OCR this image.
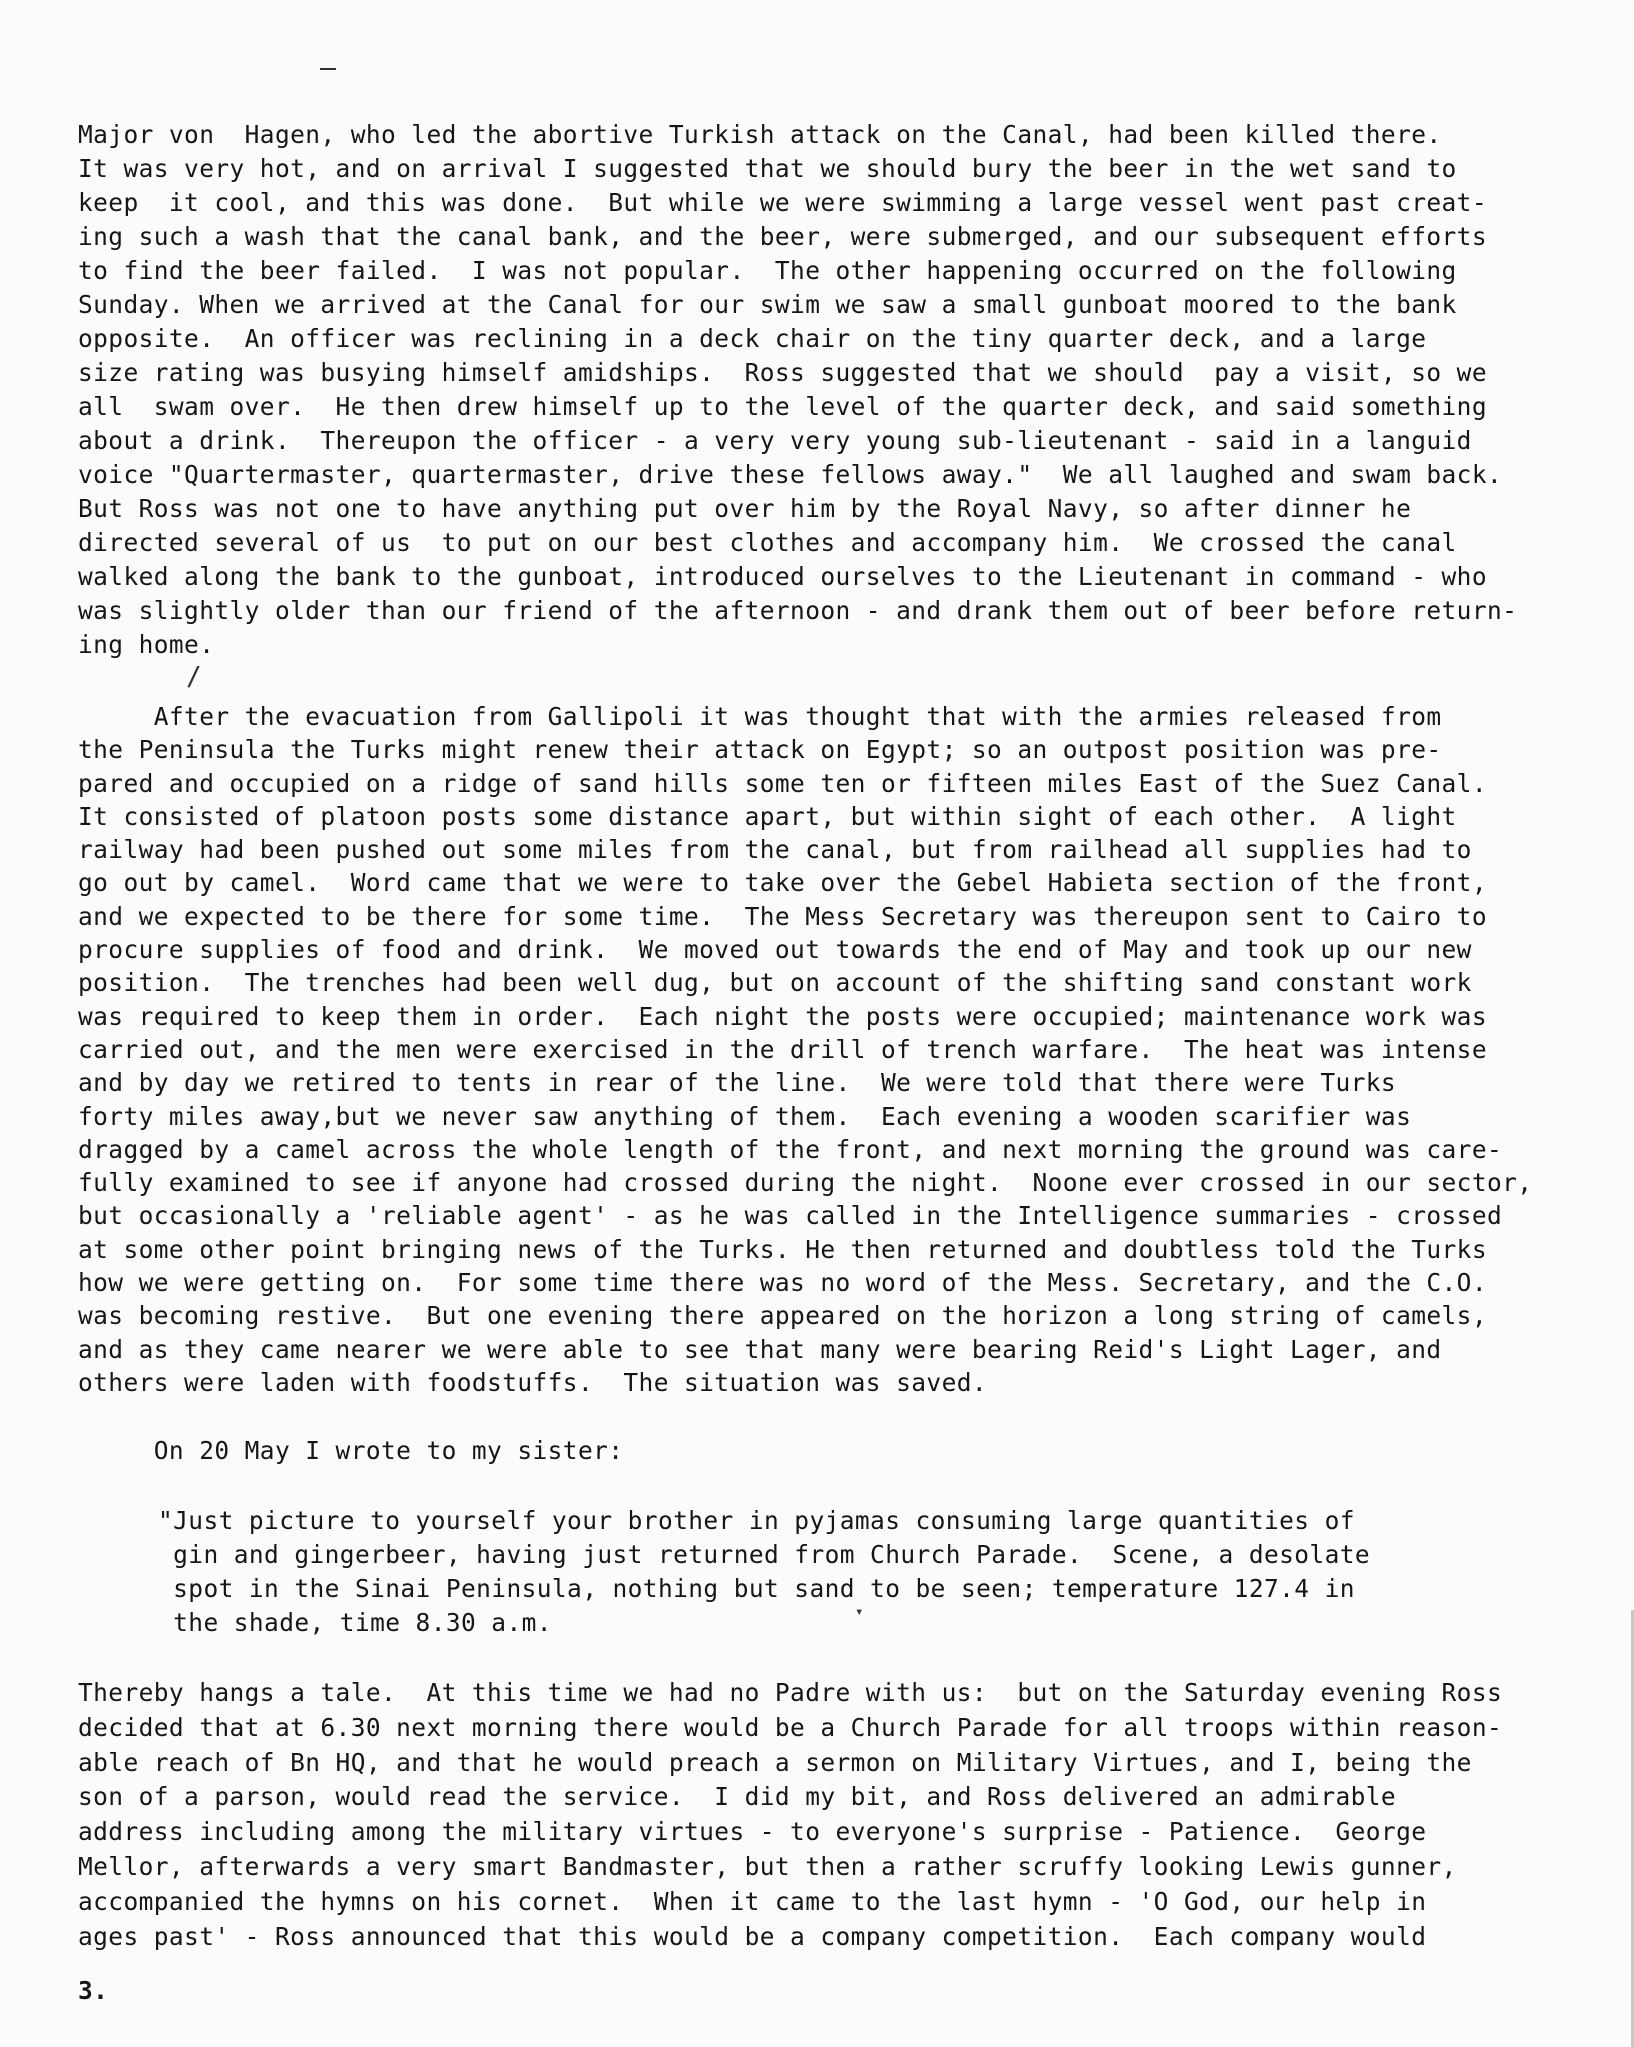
Major von  Hagen, who led the abortive Turkish attack on the Canal, had been killed there.
It was very hot, and on arrival I suggested that we should bury the beer in the wet sand to
keep  it cool, and this was done.  But while we were swimming a large vessel went past creat-
ing such a wash that the canal bank, and the beer, were submerged, and our subsequent efforts
to find the beer failed.  I was not popular.  The other happening occurred on the following
Sunday. When we arrived at the Canal for our swim we saw a small gunboat moored to the bank
opposite.  An officer was reclining in a deck chair on the tiny quarter deck, and a large
size rating was busying himself amidships.  Ross suggested that we should  pay a visit, so we
all  swam over.  He then drew himself up to the level of the quarter deck, and said something
about a drink.  Thereupon the officer - a very very young sub-lieutenant - said in a languid
voice "Quartermaster, quartermaster, drive these fellows away."  We all laughed and swam back.
But Ross was not one to have anything put over him by the Royal Navy, so after dinner he
directed several of us  to put on our best clothes and accompany him.  We crossed the canal
walked along the bank to the gunboat, introduced ourselves to the Lieutenant in command - who
was slightly older than our friend of the afternoon - and drank them out of beer before return-
ing home.
/
After the evacuation from Gallipoli it was thought that with the armies released from
the Peninsula the Turks might renew their attack on Egypt; so an outpost position was pre-
pared and occupied on a ridge of sand hills some ten or fifteen miles East of the Suez Canal.
It consisted of platoon posts some distance apart, but within sight of each other.  A light
railway had been pushed out some miles from the canal, but from railhead all supplies had to
go out by camel.  Word came that we were to take over the Gebel Habieta section of the front,
and we expected to be there for some time.  The Mess Secretary was thereupon sent to Cairo to
procure supplies of food and drink.  We moved out towards the end of May and took up our new
position.  The trenches had been well dug, but on account of the shifting sand constant work
was required to keep them in order.  Each night the posts were occupied; maintenance work was
carried out, and the men were exercised in the drill of trench warfare.  The heat was intense
and by day we retired to tents in rear of the line.  We were told that there were Turks
forty miles away,but we never saw anything of them.  Each evening a wooden scarifier was
dragged by a camel across the whole length of the front, and next morning the ground was care-
fully examined to see if anyone had crossed during the night.  Noone ever crossed in our sector,
but occasionally a 'reliable agent' - as he was called in the Intelligence summaries - crossed
at some other point bringing news of the Turks. He then returned and doubtless told the Turks
how we were getting on.  For some time there was no word of the Mess. Secretary, and the C.O.
was becoming restive.  But one evening there appeared on the horizon a long string of camels,
and as they came nearer we were able to see that many were bearing Reid's Light Lager, and
others were laden with foodstuffs.  The situation was saved.
On 20 May I wrote to my sister:
"Just picture to yourself your brother in pyjamas consuming large quantities of
gin and gingerbeer, having just returned from Church Parade.  Scene, a desolate
spot in the Sinai Peninsula, nothing but sand to be seen; temperature 127.4 in
the shade, time 8.30 a.m.	▾
Thereby hangs a tale.  At this time we had no Padre with us:  but on the Saturday evening Ross
decided that at 6.30 next morning there would be a Church Parade for all troops within reason-
able reach of Bn HQ, and that he would preach a sermon on Military Virtues, and I, being the
son of a parson, would read the service.  I did my bit, and Ross delivered an admirable
address including among the military virtues - to everyone's surprise - Patience.  George
Mellor, afterwards a very smart Bandmaster, but then a rather scruffy looking Lewis gunner,
accompanied the hymns on his cornet.  When it came to the last hymn - 'O God, our help in
ages past' - Ross announced that this would be a company competition.  Each company would
3.
